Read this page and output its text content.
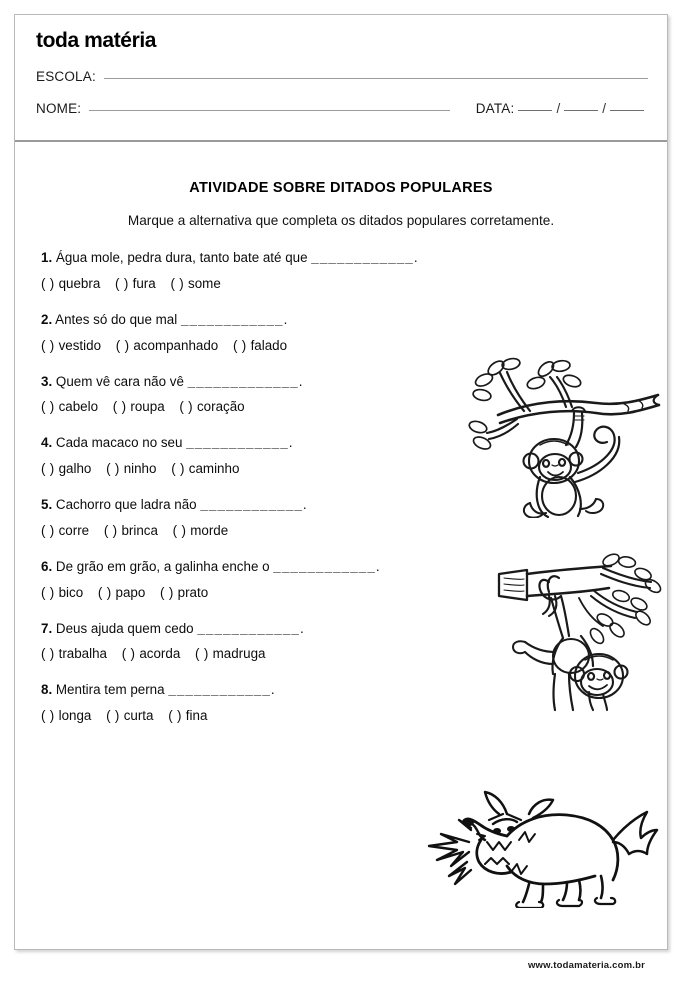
toda matéria
ESCOLA:
NOME:	DATA:	/	/
ATIVIDADE SOBRE DITADOS POPULARES
Marque a alternativa que completa os ditados populares corretamente.
1. Água mole, pedra dura, tanto bate até que ____________.
( ) quebra ( ) fura ( ) some
2. Antes só do que mal ____________.
( ) vestido ( ) acompanhado ( ) falado
3. Quem vê cara não vê _____________.
( ) cabelo ( ) roupa ( ) coração
4. Cada macaco no seu ____________.
( ) galho ( ) ninho ( ) caminho
5. Cachorro que ladra não ____________.
( ) corre ( ) brinca ( ) morde
6. De grão em grão, a galinha enche o ____________.
( ) bico ( ) papo ( ) prato
7. Deus ajuda quem cedo ____________.
( ) trabalha ( ) acorda ( ) madruga
8. Mentira tem perna ____________.
( ) longa ( ) curta ( ) fina
www.todamateria.com.br
